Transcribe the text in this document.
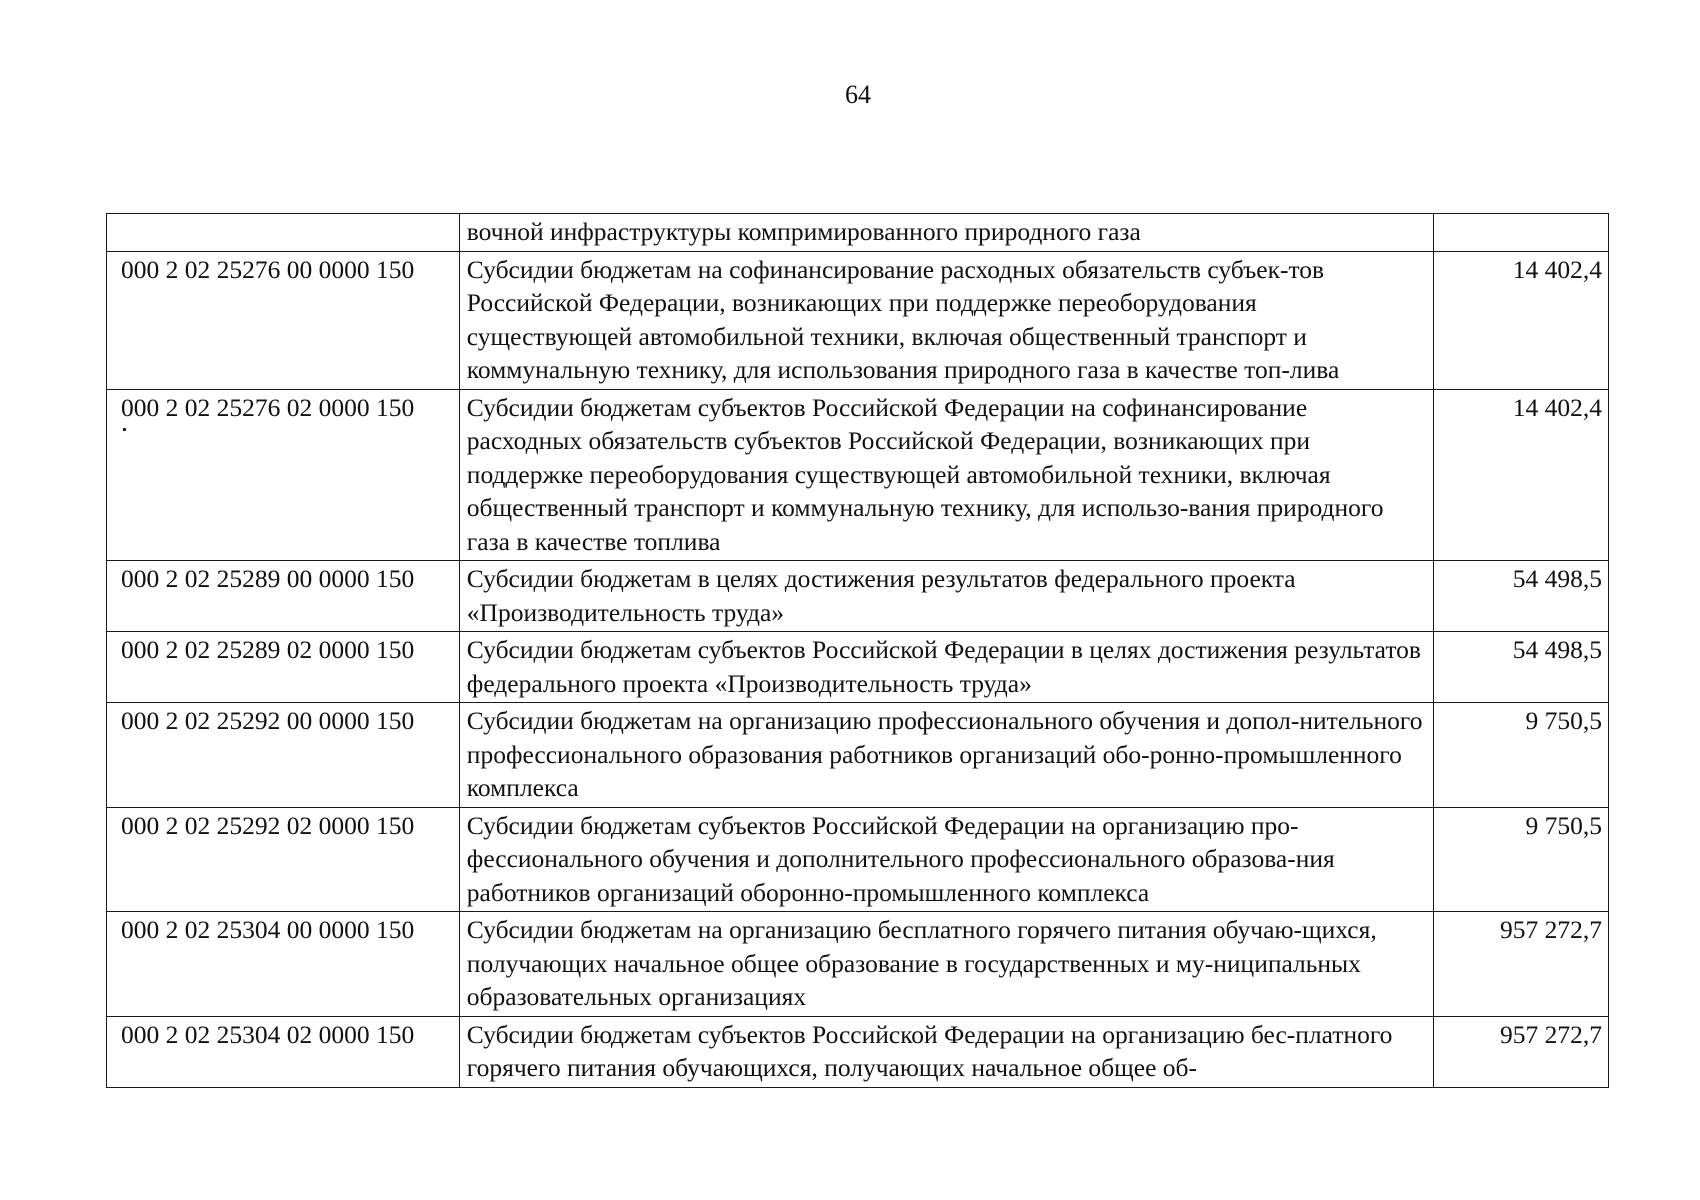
64
	вочной инфраструктуры компримированного природного газа	
000 2 02 25276 00 0000 150	Субсидии бюджетам на софинансирование расходных обязательств субъек-тов Российской Федерации, возникающих при поддержке переоборудования существующей автомобильной техники, включая общественный транспорт и коммунальную технику, для использования природного газа в качестве топ-лива	14 402,4
000 2 02 25276 02 0000 150	Субсидии бюджетам субъектов Российской Федерации на софинансирование расходных обязательств субъектов Российской Федерации, возникающих при поддержке переоборудования существующей автомобильной техники, включая общественный транспорт и коммунальную технику, для использо-вания природного газа в качестве топлива	14 402,4
000 2 02 25289 00 0000 150	Субсидии бюджетам в целях достижения результатов федерального проекта «Производительность труда»	54 498,5
000 2 02 25289 02 0000 150	Субсидии бюджетам субъектов Российской Федерации в целях достижения результатов федерального проекта «Производительность труда»	54 498,5
000 2 02 25292 00 0000 150	Субсидии бюджетам на организацию профессионального обучения и допол-нительного профессионального образования работников организаций обо-ронно-промышленного комплекса	9 750,5
000 2 02 25292 02 0000 150	Субсидии бюджетам субъектов Российской Федерации на организацию про-фессионального обучения и дополнительного профессионального образова-ния работников организаций оборонно-промышленного комплекса	9 750,5
000 2 02 25304 00 0000 150	Субсидии бюджетам на организацию бесплатного горячего питания обучаю-щихся, получающих начальное общее образование в государственных и му-ниципальных образовательных организациях	957 272,7
000 2 02 25304 02 0000 150	Субсидии бюджетам субъектов Российской Федерации на организацию бес-платного горячего питания обучающихся, получающих начальное общее об-	957 272,7
